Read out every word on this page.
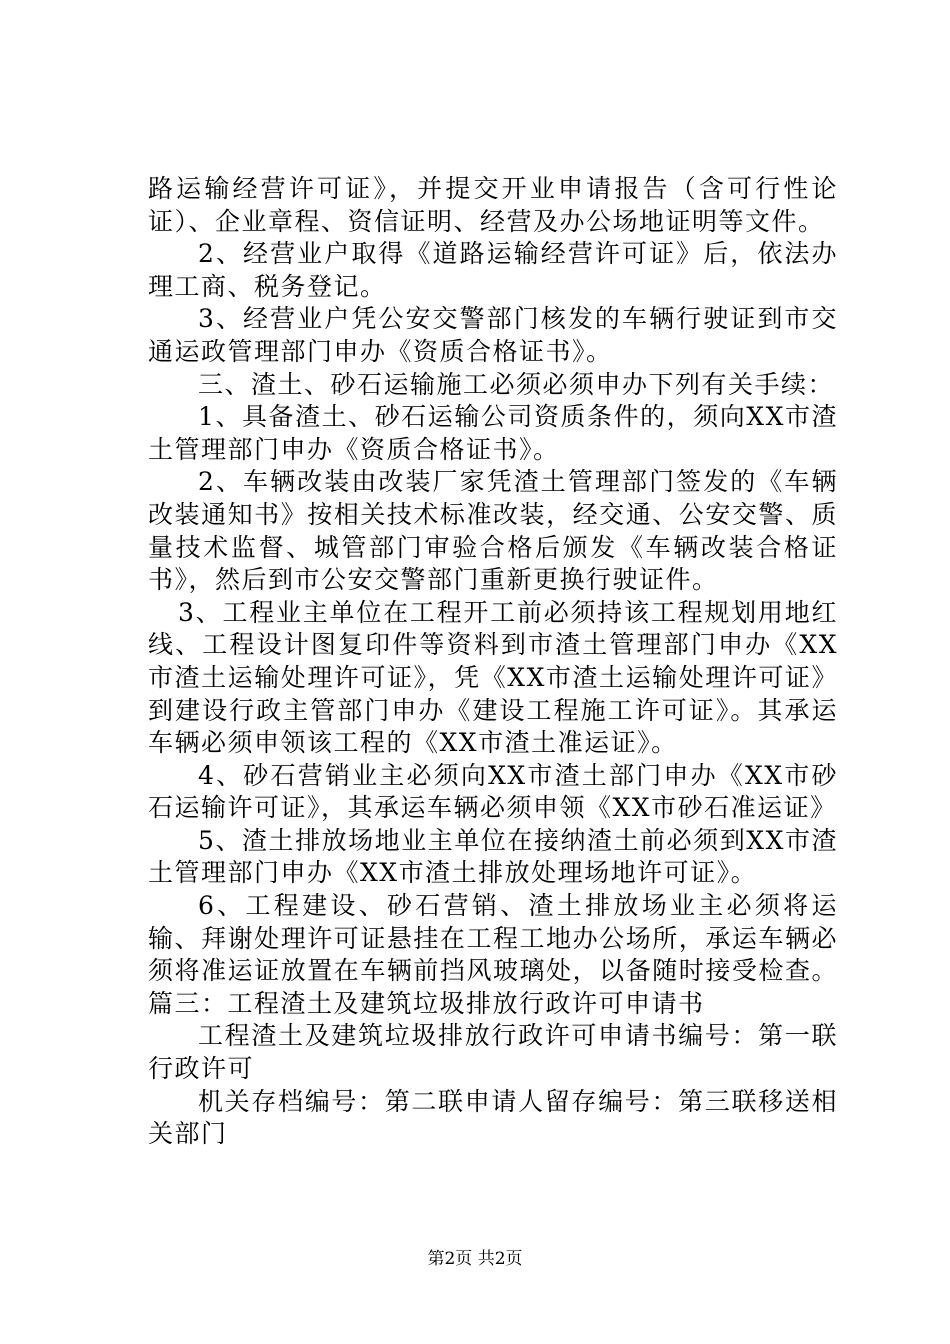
路运输经营许可证》，并提交开业申请报告（含可行性论证）、企业章程、资信证明、经营及办公场地证明等文件。

2、经营业户取得《道路运输经营许可证》后，依法办理工商、税务登记。

3、经营业户凭公安交警部门核发的车辆行驶证到市交通运政管理部门申办《资质合格证书》。

三、渣土、砂石运输施工必须必须申办下列有关手续：

1、具备渣土、砂石运输公司资质条件的，须向XX市渣土管理部门申办《资质合格证书》。

2、车辆改装由改装厂家凭渣土管理部门签发的《车辆改装通知书》按相关技术标准改装，经交通、公安交警、质量技术监督、城管部门审验合格后颁发《车辆改装合格证书》，然后到市公安交警部门重新更换行驶证件。

3、工程业主单位在工程开工前必须持该工程规划用地红线、工程设计图复印件等资料到市渣土管理部门申办《XX市渣土运输处理许可证》，凭《XX市渣土运输处理许可证》到建设行政主管部门申办《建设工程施工许可证》。其承运车辆必须申领该工程的《XX市渣土准运证》。

4、砂石营销业主必须向XX市渣土部门申办《XX市砂石运输许可证》，其承运车辆必须申领《XX市砂石准运证》

5、渣土排放场地业主单位在接纳渣土前必须到XX市渣土管理部门申办《XX市渣土排放处理场地许可证》。

6、工程建设、砂石营销、渣土排放场业主必须将运输、拜谢处理许可证悬挂在工程工地办公场所，承运车辆必须将准运证放置在车辆前挡风玻璃处，以备随时接受检查。篇三：工程渣土及建筑垃圾排放行政许可申请书

工程渣土及建筑垃圾排放行政许可申请书编号：第一联行政许可

机关存档编号：第二联申请人留存编号：第三联移送相关部门

第2页 共2页
